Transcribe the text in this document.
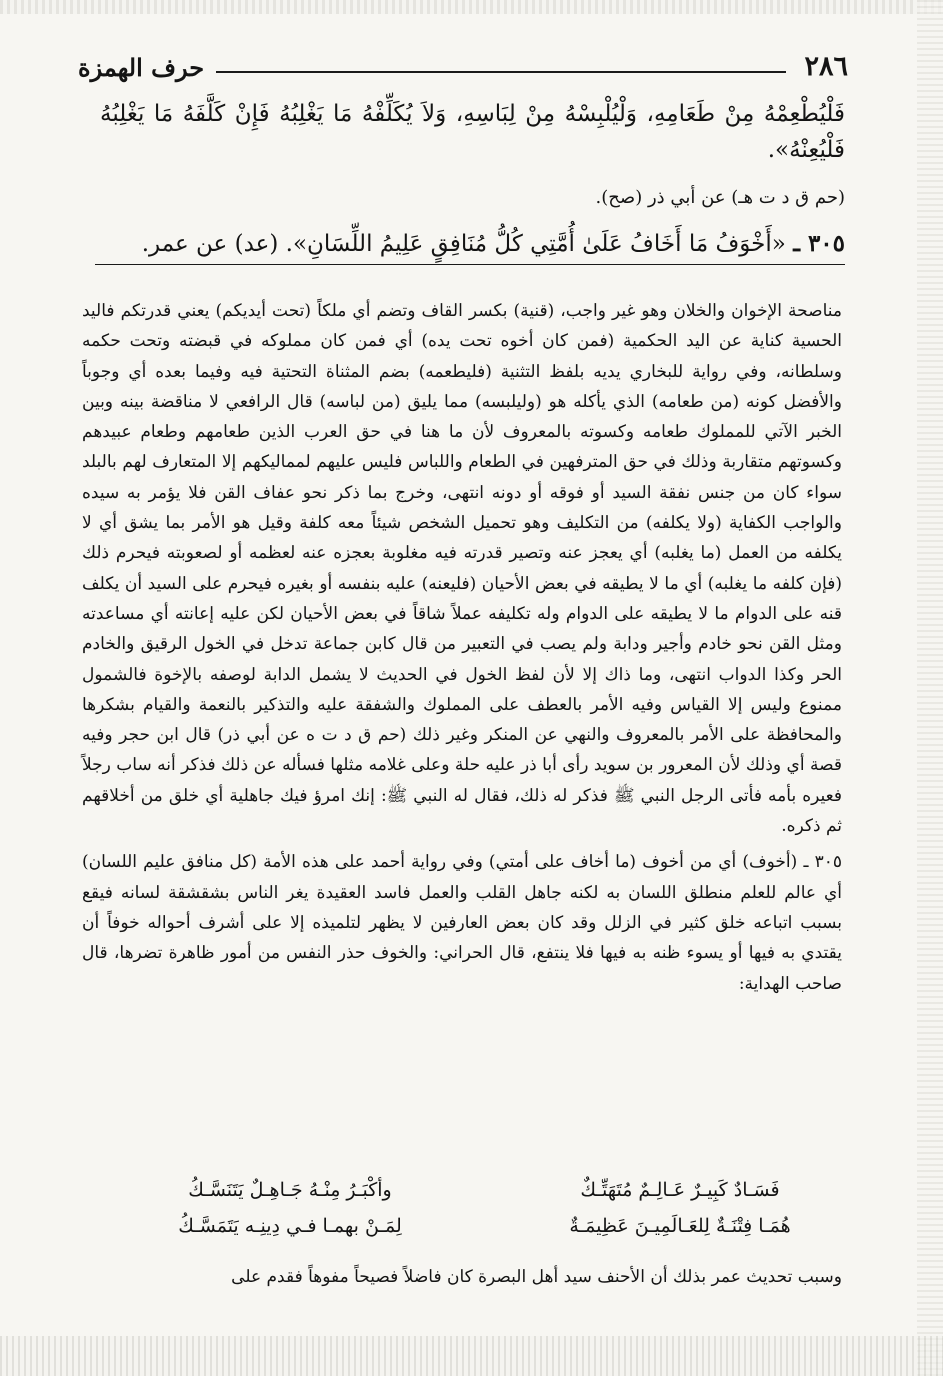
٢٨٦
حرف الهمزة

فَلْيُطْعِمْهُ مِنْ طَعَامِهِ، وَلْيُلْبِسْهُ مِنْ لِبَاسِهِ، وَلاَ يُكَلِّفْهُ مَا يَغْلِبُهُ فَإِنْ كَلَّفَهُ مَا يَغْلِبُهُ فَلْيُعِنْهُ».

(حم ق د ت هـ) عن أبي ذر (صح).

٣٠٥ ـ «أَخْوَفُ مَا أَخَافُ عَلَىٰ أُمَّتِي كُلُّ مُنَافِقٍ عَلِيمُ اللِّسَانِ». (عد) عن عمر.

مناصحة الإخوان والخلان وهو غير واجب، (قنية) بكسر القاف وتضم أي ملكاً (تحت أيديكم) يعني قدرتكم فاليد الحسية كناية عن اليد الحكمية (فمن كان أخوه تحت يده) أي فمن كان مملوكه في قبضته وتحت حكمه وسلطانه، وفي رواية للبخاري يديه بلفظ التثنية (فليطعمه) بضم المثناة التحتية فيه وفيما بعده أي وجوباً والأفضل كونه (من طعامه) الذي يأكله هو (وليلبسه) مما يليق (من لباسه) قال الرافعي لا مناقضة بينه وبين الخبر الآتي للمملوك طعامه وكسوته بالمعروف لأن ما هنا في حق العرب الذين طعامهم وطعام عبيدهم وكسوتهم متقاربة وذلك في حق المترفهين في الطعام واللباس فليس عليهم لمماليكهم إلا المتعارف لهم بالبلد سواء كان من جنس نفقة السيد أو فوقه أو دونه انتهى، وخرج بما ذكر نحو عفاف القن فلا يؤمر به سيده والواجب الكفاية (ولا يكلفه) من التكليف وهو تحميل الشخص شيئاً معه كلفة وقيل هو الأمر بما يشق أي لا يكلفه من العمل (ما يغلبه) أي يعجز عنه وتصير قدرته فيه مغلوبة بعجزه عنه لعظمه أو لصعوبته فيحرم ذلك (فإن كلفه ما يغلبه) أي ما لا يطيقه في بعض الأحيان (فليعنه) عليه بنفسه أو بغيره فيحرم على السيد أن يكلف قنه على الدوام ما لا يطيقه على الدوام وله تكليفه عملاً شاقاً في بعض الأحيان لكن عليه إعانته أي مساعدته ومثل القن نحو خادم وأجير ودابة ولم يصب في التعبير من قال كابن جماعة تدخل في الخول الرقيق والخادم الحر وكذا الدواب انتهى، وما ذاك إلا لأن لفظ الخول في الحديث لا يشمل الدابة لوصفه بالإخوة فالشمول ممنوع وليس إلا القياس وفيه الأمر بالعطف على المملوك والشفقة عليه والتذكير بالنعمة والقيام بشكرها والمحافظة على الأمر بالمعروف والنهي عن المنكر وغير ذلك (حم ق د ت ه عن أبي ذر) قال ابن حجر وفيه قصة أي وذلك لأن المعرور بن سويد رأى أبا ذر عليه حلة وعلى غلامه مثلها فسأله عن ذلك فذكر أنه ساب رجلاً فعيره بأمه فأتى الرجل النبي ﷺ فذكر له ذلك، فقال له النبي ﷺ: إنك امرؤ فيك جاهلية أي خلق من أخلاقهم ثم ذكره.

٣٠٥ ـ (أخوف) أي من أخوف (ما أخاف على أمتي) وفي رواية أحمد على هذه الأمة (كل منافق عليم اللسان) أي عالم للعلم منطلق اللسان به لكنه جاهل القلب والعمل فاسد العقيدة يغر الناس بشقشقة لسانه فيقع بسبب اتباعه خلق كثير في الزلل وقد كان بعض العارفين لا يظهر لتلميذه إلا على أشرف أحواله خوفاً أن يقتدي به فيها أو يسوء ظنه به فيها فلا ينتفع، قال الحراني: والخوف حذر النفس من أمور ظاهرة تضرها، قال صاحب الهداية:

فَسَـادٌ كَبِيـرٌ عَـالِـمٌ مُتَهَتِّـكٌ
وأكْبَـرُ مِنْـهُ جَـاهِـلٌ يَتَنَسَّـكُ
هُمَـا فِتْنَـةٌ لِلعَـالَمِيـنَ عَظِيمَـةٌ
لِمَـنْ بهمـا فـي دِينِـه يَتَمَسَّـكُ
وسبب تحديث عمر بذلك أن الأحنف سيد أهل البصرة كان فاضلاً فصيحاً مفوهاً فقدم على
